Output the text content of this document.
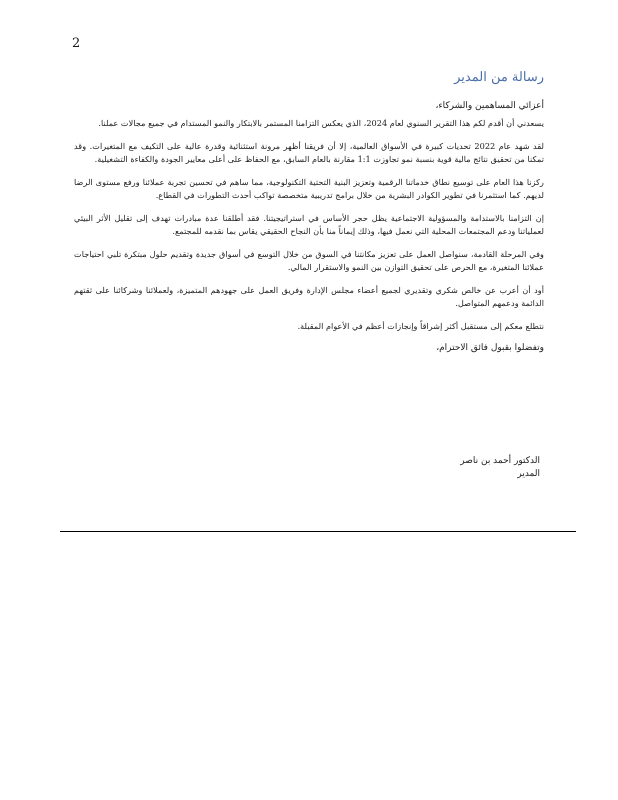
2
رسالة من المدير

أعزائي المساهمين والشركاء،

يسعدني أن أقدم لكم هذا التقرير السنوي لعام 2024، الذي يعكس التزامنا المستمر بالابتكار والنمو المستدام في جميع مجالات عملنا.

لقد شهد عام 2022 تحديات كبيرة في الأسواق العالمية، إلا أن فريقنا أظهر مرونة استثنائية وقدرة عالية على التكيف مع المتغيرات. وقد تمكنا من تحقيق نتائج مالية قوية بنسبة نمو تجاوزت 1:1 مقارنة بالعام السابق، مع الحفاظ على أعلى معايير الجودة والكفاءة التشغيلية.

ركزنا هذا العام على توسيع نطاق خدماتنا الرقمية وتعزيز البنية التحتية التكنولوجية، مما ساهم في تحسين تجربة عملائنا ورفع مستوى الرضا لديهم. كما استثمرنا في تطوير الكوادر البشرية من خلال برامج تدريبية متخصصة تواكب أحدث التطورات في القطاع.

إن التزامنا بالاستدامة والمسؤولية الاجتماعية يظل حجر الأساس في استراتيجيتنا. فقد أطلقنا عدة مبادرات تهدف إلى تقليل الأثر البيئي لعملياتنا ودعم المجتمعات المحلية التي نعمل فيها، وذلك إيماناً منا بأن النجاح الحقيقي يقاس بما نقدمه للمجتمع.

وفي المرحلة القادمة، سنواصل العمل على تعزيز مكانتنا في السوق من خلال التوسع في أسواق جديدة وتقديم حلول مبتكرة تلبي احتياجات عملائنا المتغيرة، مع الحرص على تحقيق التوازن بين النمو والاستقرار المالي.

أود أن أعرب عن خالص شكري وتقديري لجميع أعضاء مجلس الإدارة وفريق العمل على جهودهم المتميزة، ولعملائنا وشركائنا على ثقتهم الدائمة ودعمهم المتواصل.

نتطلع معكم إلى مستقبل أكثر إشراقاً وإنجازات أعظم في الأعوام المقبلة.

وتفضلوا بقبول فائق الاحترام،

الدكتور أحمد بن ناصر
المدير
